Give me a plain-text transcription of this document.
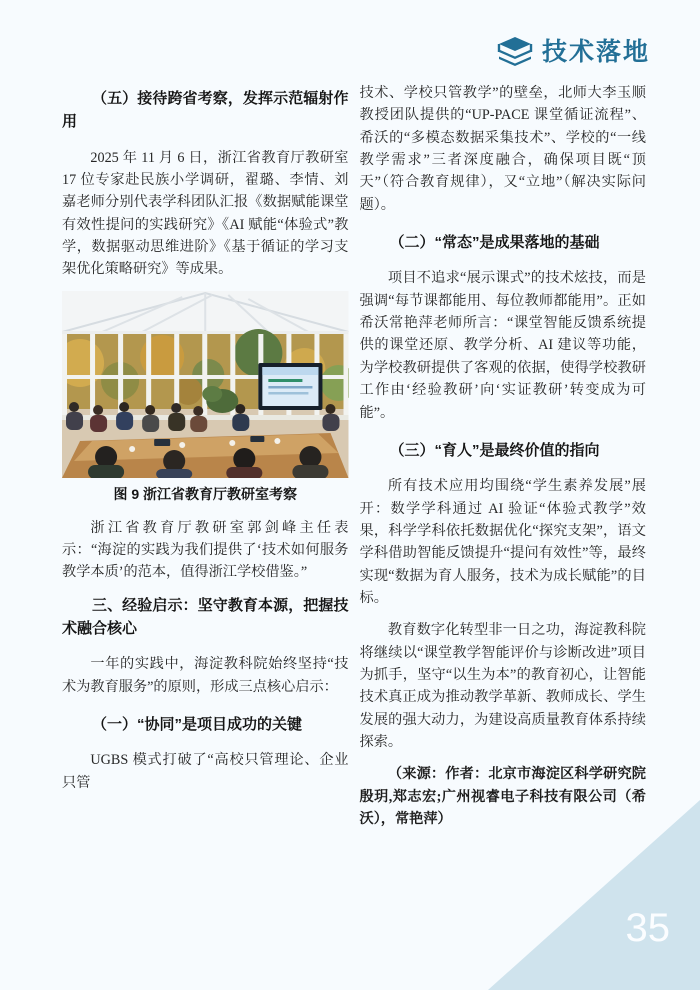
技术落地
（五）接待跨省考察，发挥示范辐射作用

2025 年 11 月 6 日，浙江省教育厅教研室 17 位专家赴民族小学调研，翟璐、李情、刘嘉老师分别代表学科团队汇报《数据赋能课堂有效性提问的实践研究》《AI 赋能“体验式”教学，数据驱动思维进阶》《基于循证的学习支架优化策略研究》等成果。

图 9 浙江省教育厅教研室考察

浙江省教育厅教研室郭剑峰主任表示：“海淀的实践为我们提供了‘技术如何服务教学本质’的范本，值得浙江学校借鉴。”

三、经验启示：坚守教育本源，把握技术融合核心

一年的实践中，海淀教科院始终坚持“技术为教育服务”的原则，形成三点核心启示：

（一）“协同”是项目成功的关键

UGBS 模式打破了“高校只管理论、企业只管

技术、学校只管教学”的壁垒，北师大李玉顺教授团队提供的“UP-PACE 课堂循证流程”、希沃的“多模态数据采集技术”、学校的“一线教学需求”三者深度融合，确保项目既“顶天”（符合教育规律），又“立地”（解决实际问题）。

（二）“常态”是成果落地的基础

项目不追求“展示课式”的技术炫技，而是强调“每节课都能用、每位教师都能用”。正如希沃常艳萍老师所言：“课堂智能反馈系统提供的课堂还原、教学分析、AI 建议等功能，为学校教研提供了客观的依据，使得学校教研工作由‘经验教研’向‘实证教研’转变成为可能”。

（三）“育人”是最终价值的指向

所有技术应用均围绕“学生素养发展”展开：数学学科通过 AI 验证“体验式教学”效果，科学学科依托数据优化“探究支架”，语文学科借助智能反馈提升“提问有效性”等，最终实现“数据为育人服务，技术为成长赋能”的目标。

教育数字化转型非一日之功，海淀教科院将继续以“课堂教学智能评价与诊断改进”项目为抓手，坚守“以生为本”的教育初心，让智能技术真正成为推动教学革新、教师成长、学生发展的强大动力，为建设高质量教育体系持续探索。

（来源：作者：北京市海淀区科学研究院殷玥,郑志宏;广州视睿电子科技有限公司（希沃），常艳萍）

35
